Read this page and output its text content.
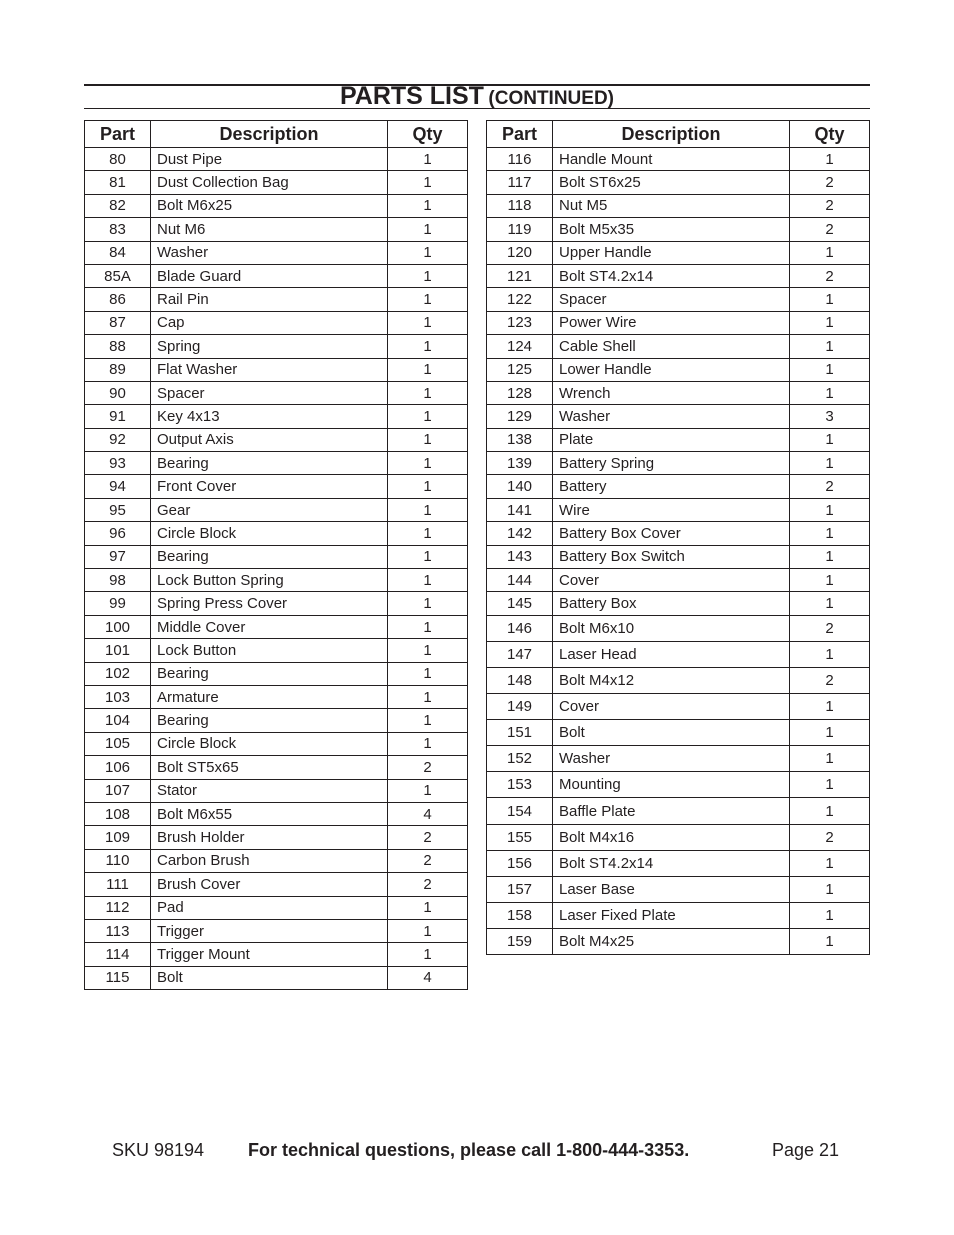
PARTS LIST (CONTINUED)
Part	Description	Qty
80	Dust Pipe	1
81	Dust Collection Bag	1
82	Bolt M6x25	1
83	Nut M6	1
84	Washer	1
85A	Blade Guard	1
86	Rail Pin	1
87	Cap	1
88	Spring	1
89	Flat Washer	1
90	Spacer	1
91	Key 4x13	1
92	Output Axis	1
93	Bearing	1
94	Front Cover	1
95	Gear	1
96	Circle Block	1
97	Bearing	1
98	Lock Button Spring	1
99	Spring Press Cover	1
100	Middle Cover	1
101	Lock Button	1
102	Bearing	1
103	Armature	1
104	Bearing	1
105	Circle Block	1
106	Bolt ST5x65	2
107	Stator	1
108	Bolt M6x55	4
109	Brush Holder	2
110	Carbon Brush	2
111	Brush Cover	2
112	Pad	1
113	Trigger	1
114	Trigger Mount	1
115	Bolt	4
Part	Description	Qty
116	Handle Mount	1
117	Bolt ST6x25	2
118	Nut M5	2
119	Bolt M5x35	2
120	Upper Handle	1
121	Bolt ST4.2x14	2
122	Spacer	1
123	Power Wire	1
124	Cable Shell	1
125	Lower Handle	1
128	Wrench	1
129	Washer	3
138	Plate	1
139	Battery Spring	1
140	Battery	2
141	Wire	1
142	Battery Box Cover	1
143	Battery Box Switch	1
144	Cover	1
145	Battery Box	1
146	Bolt M6x10	2
147	Laser Head	1
148	Bolt M4x12	2
149	Cover	1
151	Bolt	1
152	Washer	1
153	Mounting	1
154	Baffle Plate	1
155	Bolt M4x16	2
156	Bolt ST4.2x14	1
157	Laser Base	1
158	Laser Fixed Plate	1
159	Bolt M4x25	1
SKU 98194 For technical questions, please call 1-800-444-3353.	Page 21
